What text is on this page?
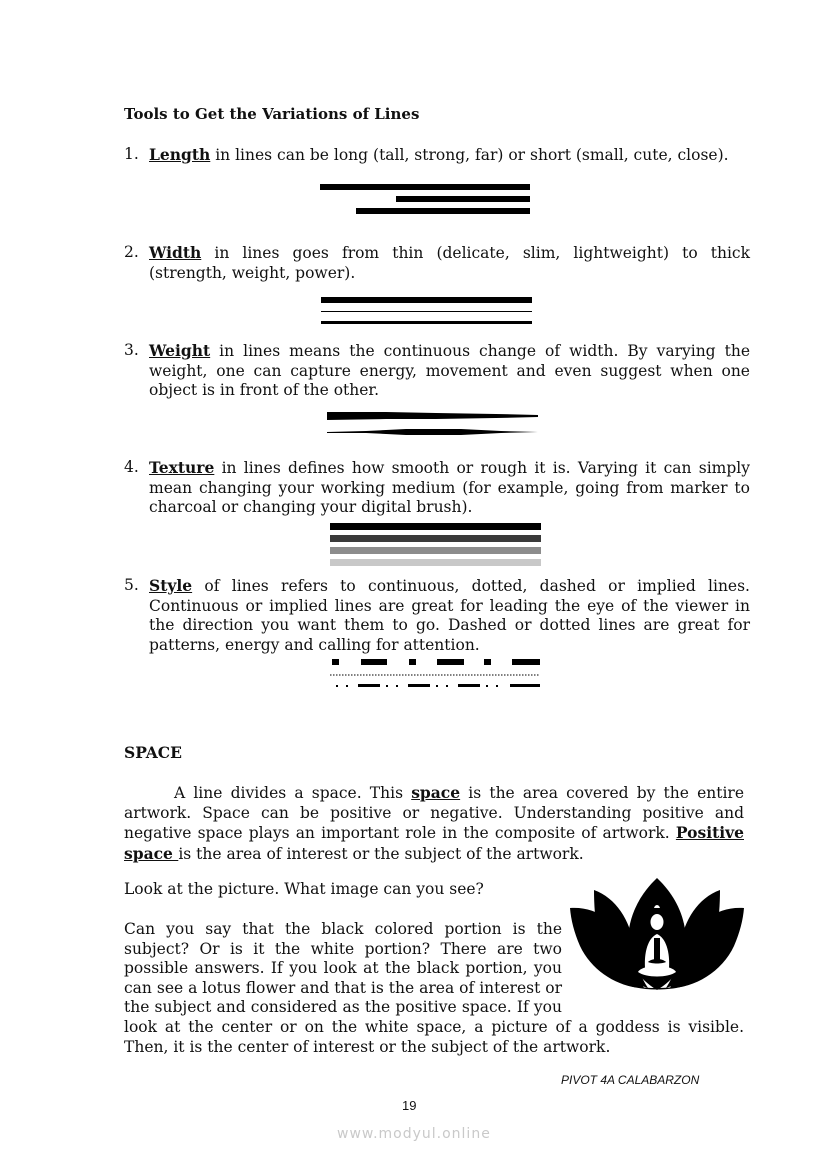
Tools to Get the Variations of Lines
1. Length in lines can be long (tall, strong, far) or short (small, cute, close).
2. Width in lines goes from thin (delicate, slim, lightweight) to thick (strength, weight, power).
3. Weight in lines means the continuous change of width. By varying the weight, one can capture energy, movement and even suggest when one object is in front of the other.
4. Texture in lines defines how smooth or rough it is. Varying it can simply mean changing your working medium (for example, going from marker to charcoal or changing your digital brush).
5. Style of lines refers to continuous, dotted, dashed or implied lines. Continuous or implied lines are great for leading the eye of the viewer in the direction you want them to go. Dashed or dotted lines are great for patterns, energy and calling for attention.
SPACE
A line divides a space. This space is the area covered by the entire artwork. Space can be positive or negative. Understanding positive and negative space plays an important role in the composite of artwork. Positive space is the area of interest or the subject of the artwork.
Look at the picture. What image can you see?
Can you say that the black colored portion is the subject? Or is it the white portion? There are two possible answers. If you look at the black portion, you can see a lotus flower and that is the area of interest or the subject and considered as the positive space. If you look at the center or on the white space, a picture of a goddess is visible. Then, it is the center of interest or the subject of the artwork.
PIVOT 4A CALABARZON
19
www.modyul.online
